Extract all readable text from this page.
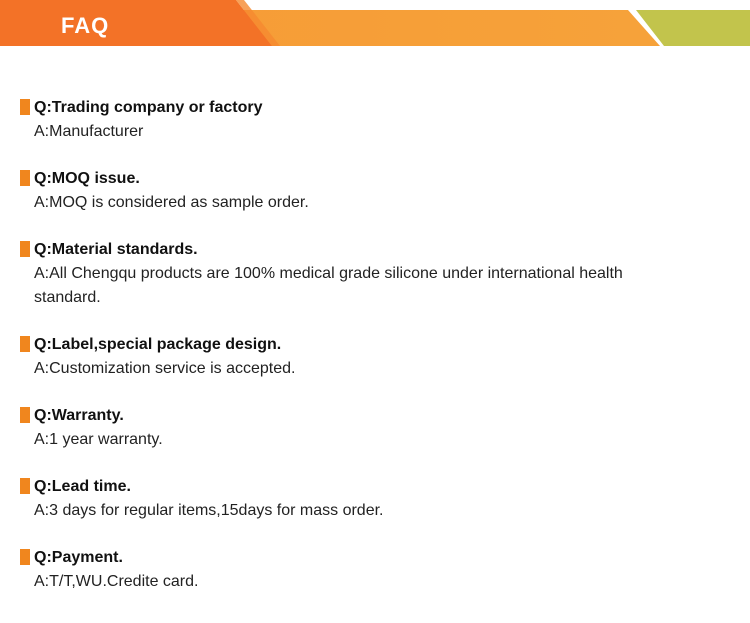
FAQ
Q:Trading company or factory
A:Manufacturer
Q:MOQ issue.
A:MOQ is considered as sample order.
Q:Material standards.
A:All Chengqu products are 100% medical grade silicone under international health standard.
Q:Label,special package design.
A:Customization service is accepted.
Q:Warranty.
A:1 year warranty.
Q:Lead time.
A:3 days for regular items,15days for mass order.
Q:Payment.
A:T/T,WU.Credite card.
